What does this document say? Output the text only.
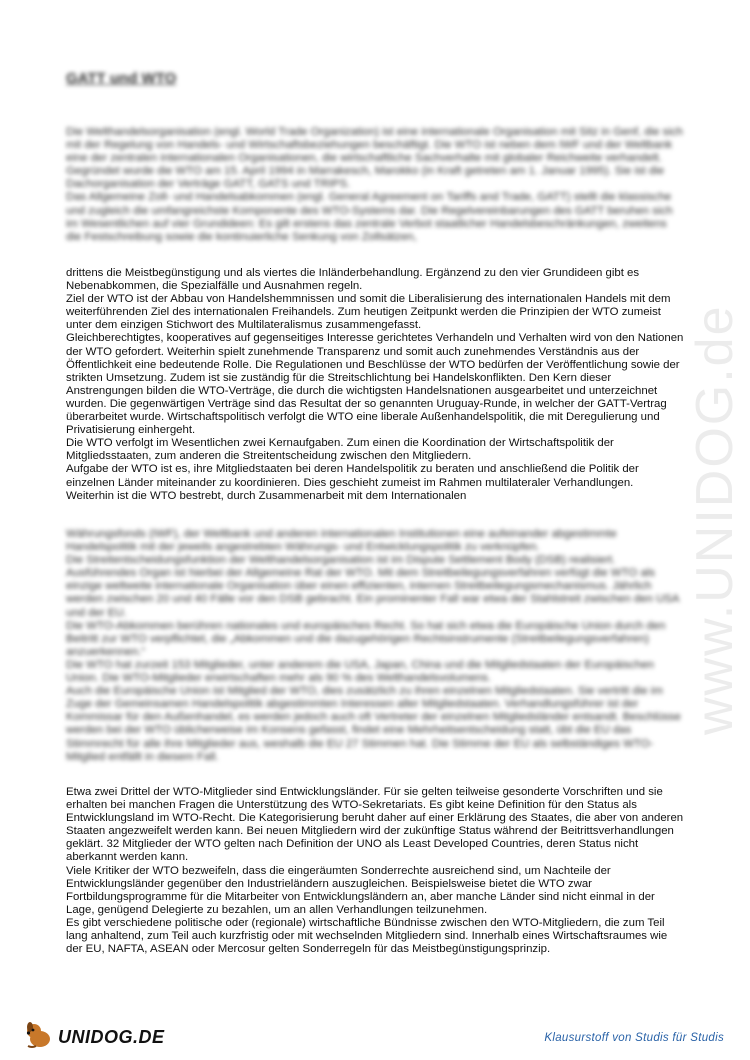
GATT und WTO

Die Welthandelsorganisation (engl. World Trade Organization) ist eine internationale Organisation mit Sitz in Genf, die sich mit der Regelung von Handels- und Wirtschaftsbeziehungen beschäftigt. Die WTO ist neben dem IWF und der Weltbank eine der zentralen internationalen Organisationen, die wirtschaftliche Sachverhalte mit globaler Reichweite verhandelt.

Gegründet wurde die WTO am 15. April 1994 in Marrakesch, Marokko (in Kraft getreten am 1. Januar 1995). Sie ist die Dachorganisation der Verträge GATT, GATS und TRIPS.

Das Allgemeine Zoll- und Handelsabkommen (engl. General Agreement on Tariffs and Trade, GATT) stellt die klassische und zugleich die umfangreichste Komponente des WTO-Systems dar. Die Regelvereinbarungen des GATT beruhen sich im Wesentlichen auf vier Grundideen: Es gilt erstens das zentrale Verbot staatlicher Handelsbeschränkungen, zweitens die Festschreibung sowie die kontinuierliche Senkung von Zollsätzen,

drittens die Meistbegünstigung und als viertes die Inländerbehandlung. Ergänzend zu den vier Grundideen gibt es Nebenabkommen, die Spezialfälle und Ausnahmen regeln.

Ziel der WTO ist der Abbau von Handelshemmnissen und somit die Liberalisierung des internationalen Handels mit dem weiterführenden Ziel des internationalen Freihandels. Zum heutigen Zeitpunkt werden die Prinzipien der WTO zumeist unter dem einzigen Stichwort des Multilateralismus zusammengefasst.

Gleichberechtigtes, kooperatives auf gegenseitiges Interesse gerichtetes Verhandeln und Verhalten wird von den Nationen der WTO gefordert. Weiterhin spielt zunehmende Transparenz und somit auch zunehmendes Verständnis aus der Öffentlichkeit eine bedeutende Rolle. Die Regulationen und Beschlüsse der WTO bedürfen der Veröffentlichung sowie der strikten Umsetzung. Zudem ist sie zuständig für die Streitschlichtung bei Handelskonflikten. Den Kern dieser Anstrengungen bilden die WTO-Verträge, die durch die wichtigsten Handelsnationen ausgearbeitet und unterzeichnet wurden. Die gegenwärtigen Verträge sind das Resultat der so genannten Uruguay-Runde, in welcher der GATT-Vertrag überarbeitet wurde. Wirtschaftspolitisch verfolgt die WTO eine liberale Außenhandelspolitik, die mit Deregulierung und Privatisierung einhergeht.

Die WTO verfolgt im Wesentlichen zwei Kernaufgaben. Zum einen die Koordination der Wirtschaftspolitik der Mitgliedsstaaten, zum anderen die Streitentscheidung zwischen den Mitgliedern.

Aufgabe der WTO ist es, ihre Mitgliedstaaten bei deren Handelspolitik zu beraten und anschließend die Politik der einzelnen Länder miteinander zu koordinieren. Dies geschieht zumeist im Rahmen multilateraler Verhandlungen. Weiterhin ist die WTO bestrebt, durch Zusammenarbeit mit dem Internationalen

Währungsfonds (IWF), der Weltbank und anderen internationalen Institutionen eine aufeinander abgestimmte Handelspolitik mit der jeweils angestrebten Währungs- und Entwicklungspolitik zu verknüpfen.

Die Streitentscheidungsfunktion der Welthandelsorganisation ist im Dispute Settlement Body (DSB) realisiert. Ausführendes Organ ist hierbei der Allgemeine Rat der WTO. Mit dem Streitbeilegungsverfahren verfügt die WTO als einzige weltweite internationale Organisation über einen effizienten, internen Streitbeilegungsmechanismus. Jährlich werden zwischen 20 und 40 Fälle vor den DSB gebracht. Ein prominenter Fall war etwa der Stahlstreit zwischen den USA und der EU.

Die WTO-Abkommen berühren nationales und europäisches Recht. So hat sich etwa die Europäische Union durch den Beitritt zur WTO verpflichtet, die „Abkommen und die dazugehörigen Rechtsinstrumente (Streitbeilegungsverfahren) anzuerkennen.“

Die WTO hat zurzeit 153 Mitglieder, unter anderem die USA, Japan, China und die Mitgliedstaaten der Europäischen Union. Die WTO-Mitglieder erwirtschaften mehr als 90 % des Welthandelsvolumens.

Auch die Europäische Union ist Mitglied der WTO, dies zusätzlich zu ihren einzelnen Mitgliedstaaten. Sie vertritt die im Zuge der Gemeinsamen Handelspolitik abgestimmten Interessen aller Mitgliedstaaten. Verhandlungsführer ist der Kommissar für den Außenhandel, es werden jedoch auch oft Vertreter der einzelnen Mitgliedsländer entsandt. Beschlüsse werden bei der WTO üblicherweise im Konsens gefasst, findet eine Mehrheitsentscheidung statt, übt die EU das Stimmrecht für alle ihre Mitglieder aus, weshalb die EU 27 Stimmen hat. Die Stimme der EU als selbständiges WTO-Mitglied entfällt in diesem Fall.

Etwa zwei Drittel der WTO-Mitglieder sind Entwicklungsländer. Für sie gelten teilweise gesonderte Vorschriften und sie erhalten bei manchen Fragen die Unterstützung des WTO-Sekretariats. Es gibt keine Definition für den Status als Entwicklungsland im WTO-Recht. Die Kategorisierung beruht daher auf einer Erklärung des Staates, die aber von anderen Staaten angezweifelt werden kann. Bei neuen Mitgliedern wird der zukünftige Status während der Beitrittsverhandlungen geklärt. 32 Mitglieder der WTO gelten nach Definition der UNO als Least Developed Countries, deren Status nicht aberkannt werden kann.

Viele Kritiker der WTO bezweifeln, dass die eingeräumten Sonderrechte ausreichend sind, um Nachteile der Entwicklungsländer gegenüber den Industrieländern auszugleichen. Beispielsweise bietet die WTO zwar Fortbildungsprogramme für die Mitarbeiter von Entwicklungsländern an, aber manche Länder sind nicht einmal in der Lage, genügend Delegierte zu bezahlen, um an allen Verhandlungen teilzunehmen.

Es gibt verschiedene politische oder (regionale) wirtschaftliche Bündnisse zwischen den WTO-Mitgliedern, die zum Teil lang anhaltend, zum Teil auch kurzfristig oder mit wechselnden Mitgliedern sind. Innerhalb eines Wirtschaftsraumes wie der EU, NAFTA, ASEAN oder Mercosur gelten Sonderregeln für das Meistbegünstigungsprinzip.

www.UNIDOG.de
UNIDOG.DE	Klausurstoff von Studis für Studis
